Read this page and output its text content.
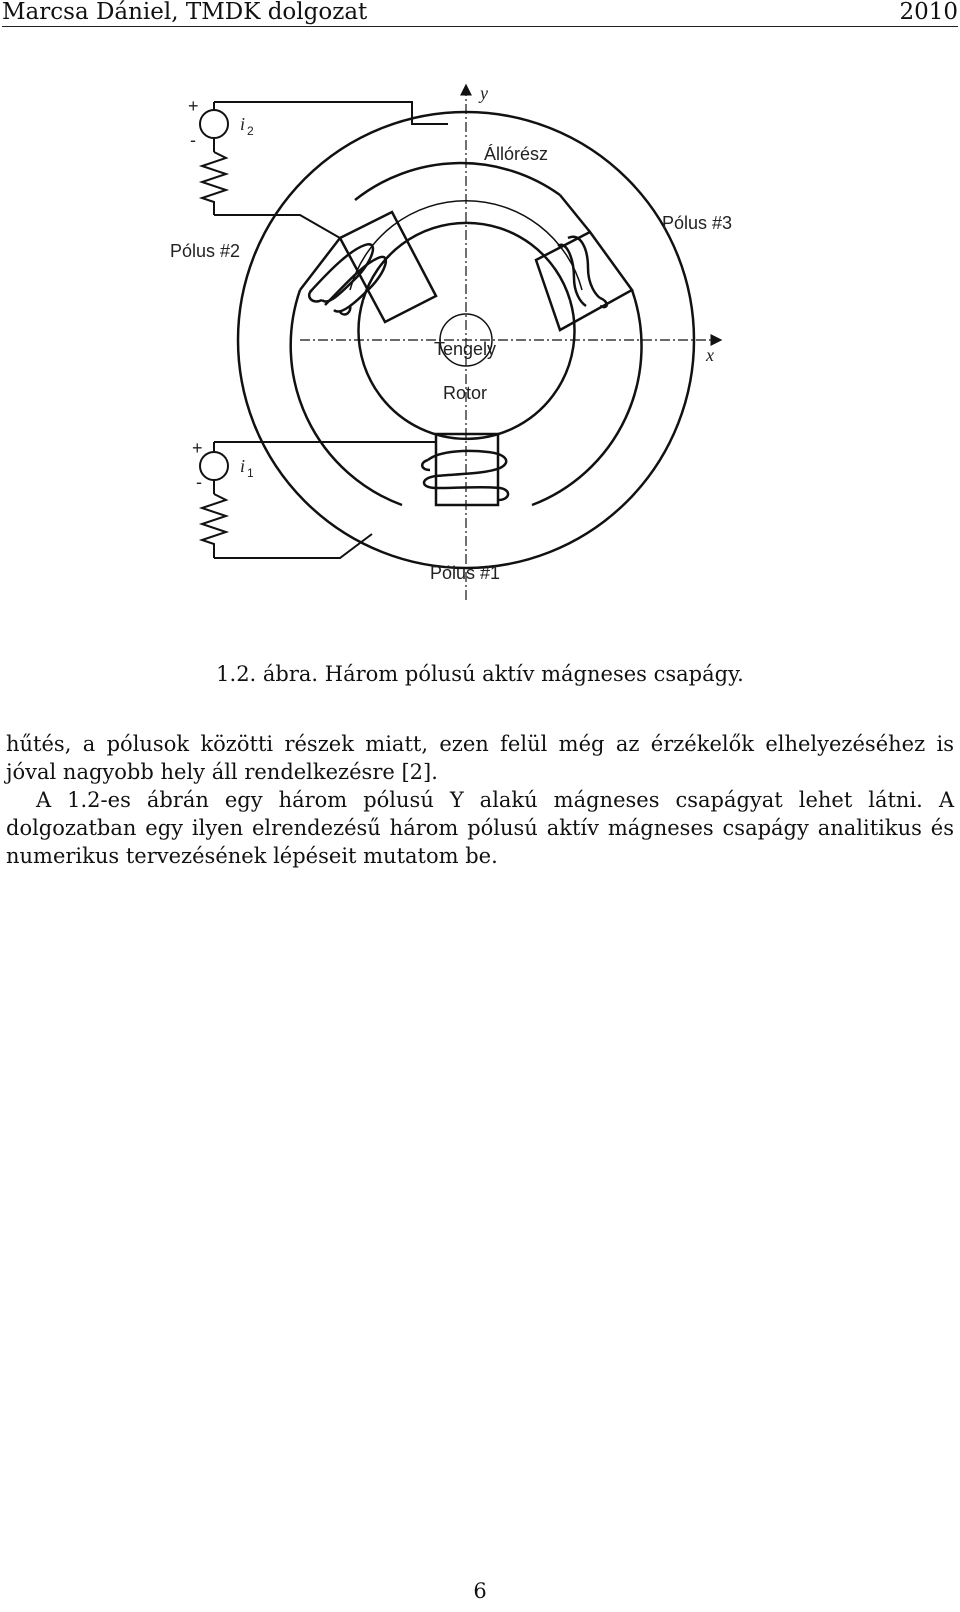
Marcsa Dániel, TMDK dolgozat	2010
y
x
Állórész
Pólus #3
Pólus #2
Pólus #1
Tengely
Rotor
+
-
i 2
+
-
i 1
1.2. ábra. Három pólusú aktív mágneses csapágy.

hűtés, a pólusok közötti részek miatt, ezen felül még az érzékelők elhelyezéséhez is jóval nagyobb hely áll rendelkezésre [2].

A 1.2-es ábrán egy három pólusú Y alakú mágneses csapágyat lehet látni. A dolgozatban egy ilyen elrendezésű három pólusú aktív mágneses csapágy analitikus és numerikus tervezésének lépéseit mutatom be.

6
